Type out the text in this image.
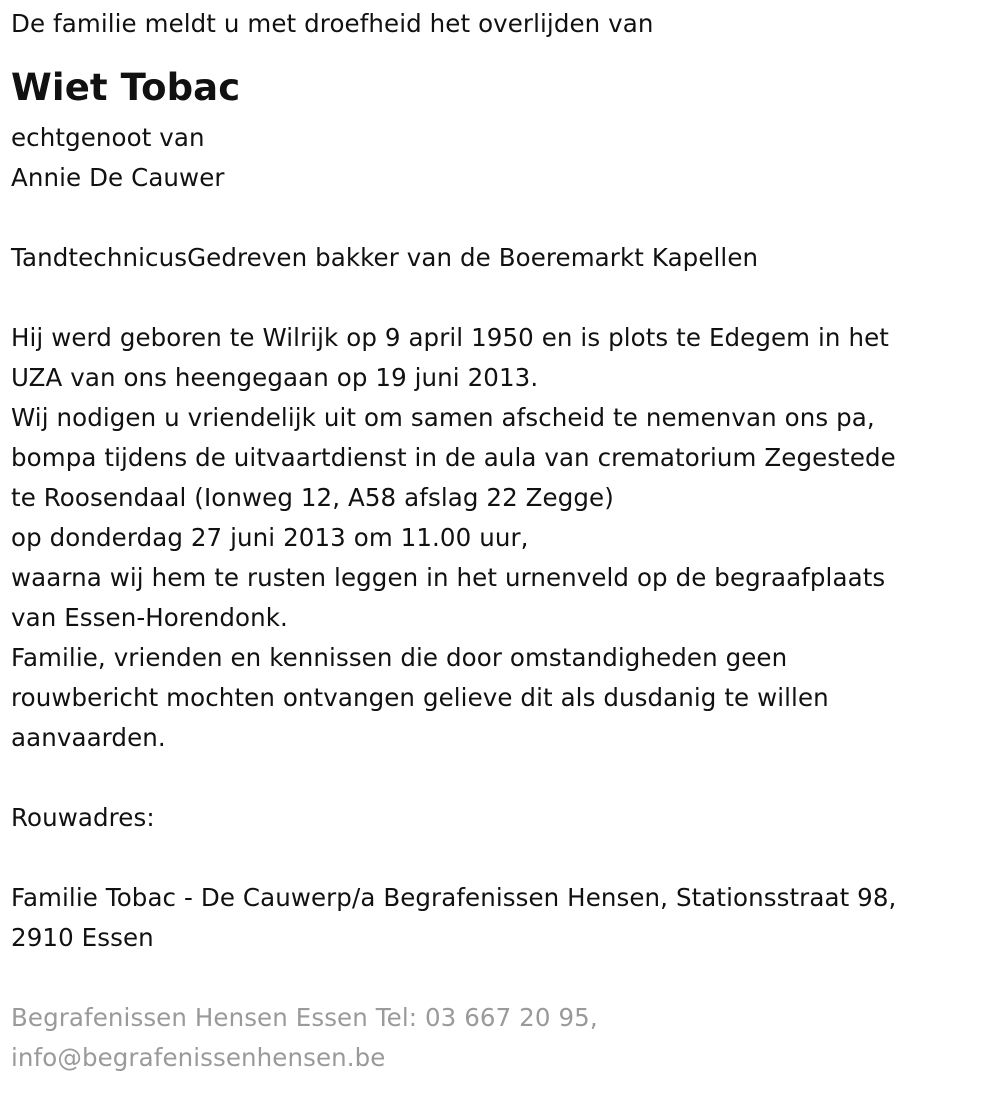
De familie meldt u met droefheid het overlijden van
Wiet Tobac
echtgenoot van
Annie De Cauwer
TandtechnicusGedreven bakker van de Boeremarkt Kapellen
Hij werd geboren te Wilrijk op 9 april 1950 en is plots te Edegem in het
UZA van ons heengegaan op 19 juni 2013.
Wij nodigen u vriendelijk uit om samen afscheid te nemenvan ons pa,
bompa tijdens de uitvaartdienst in de aula van crematorium Zegestede
te Roosendaal (Ionweg 12, A58 afslag 22 Zegge)
op donderdag 27 juni 2013 om 11.00 uur,
waarna wij hem te rusten leggen in het urnenveld op de begraafplaats
van Essen-Horendonk.
Familie, vrienden en kennissen die door omstandigheden geen
rouwbericht mochten ontvangen gelieve dit als dusdanig te willen
aanvaarden.
Rouwadres:
Familie Tobac - De Cauwerp/a Begrafenissen Hensen, Stationsstraat 98,
2910 Essen
Begrafenissen Hensen Essen Tel: 03 667 20 95,
info@begrafenissenhensen.be
